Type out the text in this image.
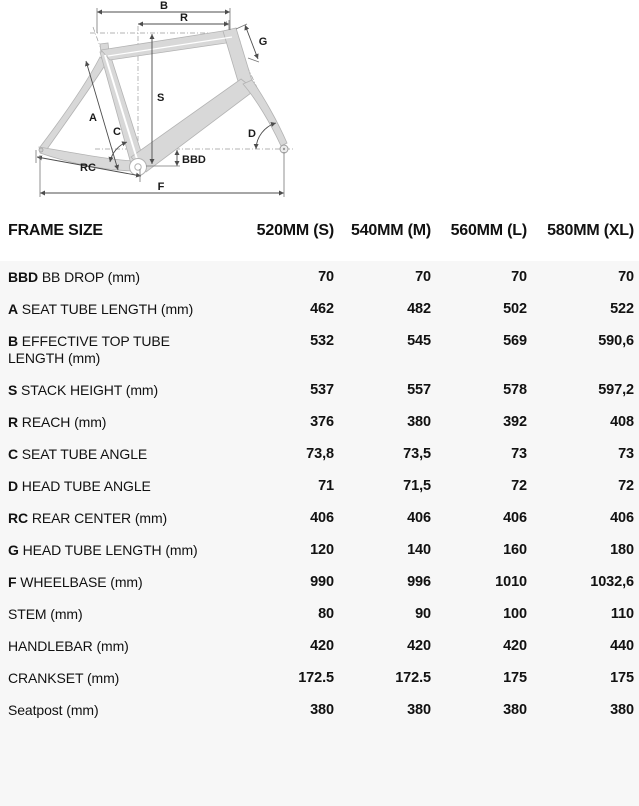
B
R
G
S
A
C	D
BBD
RC
F
FRAME SIZE	520MM (S)	540MM (M)	560MM (L)	580MM (XL)
BBD BB DROP (mm)	70	70	70	70
A SEAT TUBE LENGTH (mm)	462	482	502	522
B EFFECTIVE TOP TUBE LENGTH (mm)	532	545	569	590,6
S STACK HEIGHT (mm)	537	557	578	597,2
R REACH (mm)	376	380	392	408
C SEAT TUBE ANGLE	73,8	73,5	73	73
D HEAD TUBE ANGLE	71	71,5	72	72
RC REAR CENTER (mm)	406	406	406	406
G HEAD TUBE LENGTH (mm)	120	140	160	180
F WHEELBASE (mm)	990	996	1010	1032,6
STEM (mm)	80	90	100	110
HANDLEBAR (mm)	420	420	420	440
CRANKSET (mm)	172.5	172.5	175	175
Seatpost (mm)	380	380	380	380
